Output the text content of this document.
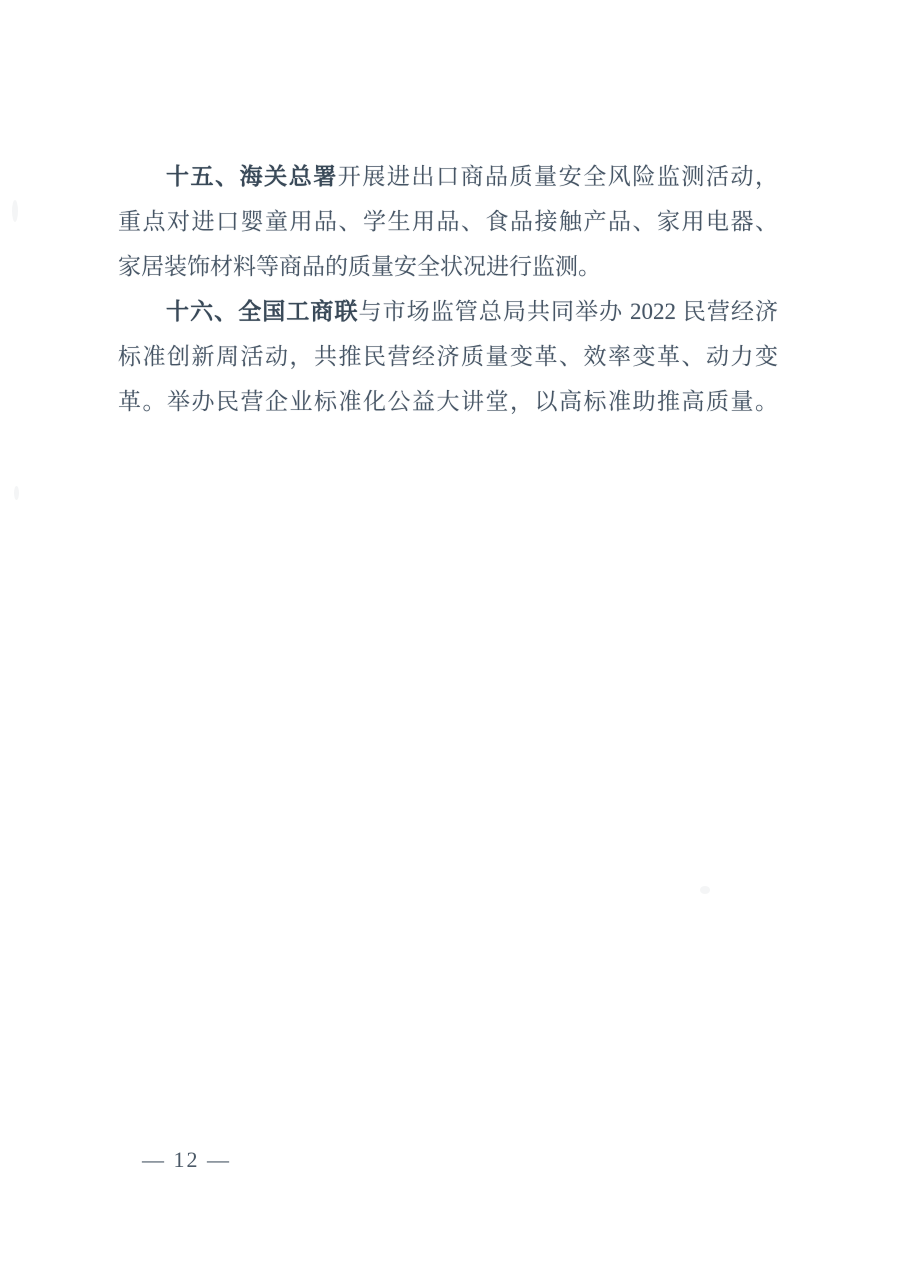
十五、海关总署开展进出口商品质量安全风险监测活动，
重点对进口婴童用品、学生用品、食品接触产品、家用电器、
家居装饰材料等商品的质量安全状况进行监测。
十六、全国工商联与市场监管总局共同举办 2022 民营经济
标准创新周活动，共推民营经济质量变革、效率变革、动力变
革。举办民营企业标准化公益大讲堂，以高标准助推高质量。
— 12 —
